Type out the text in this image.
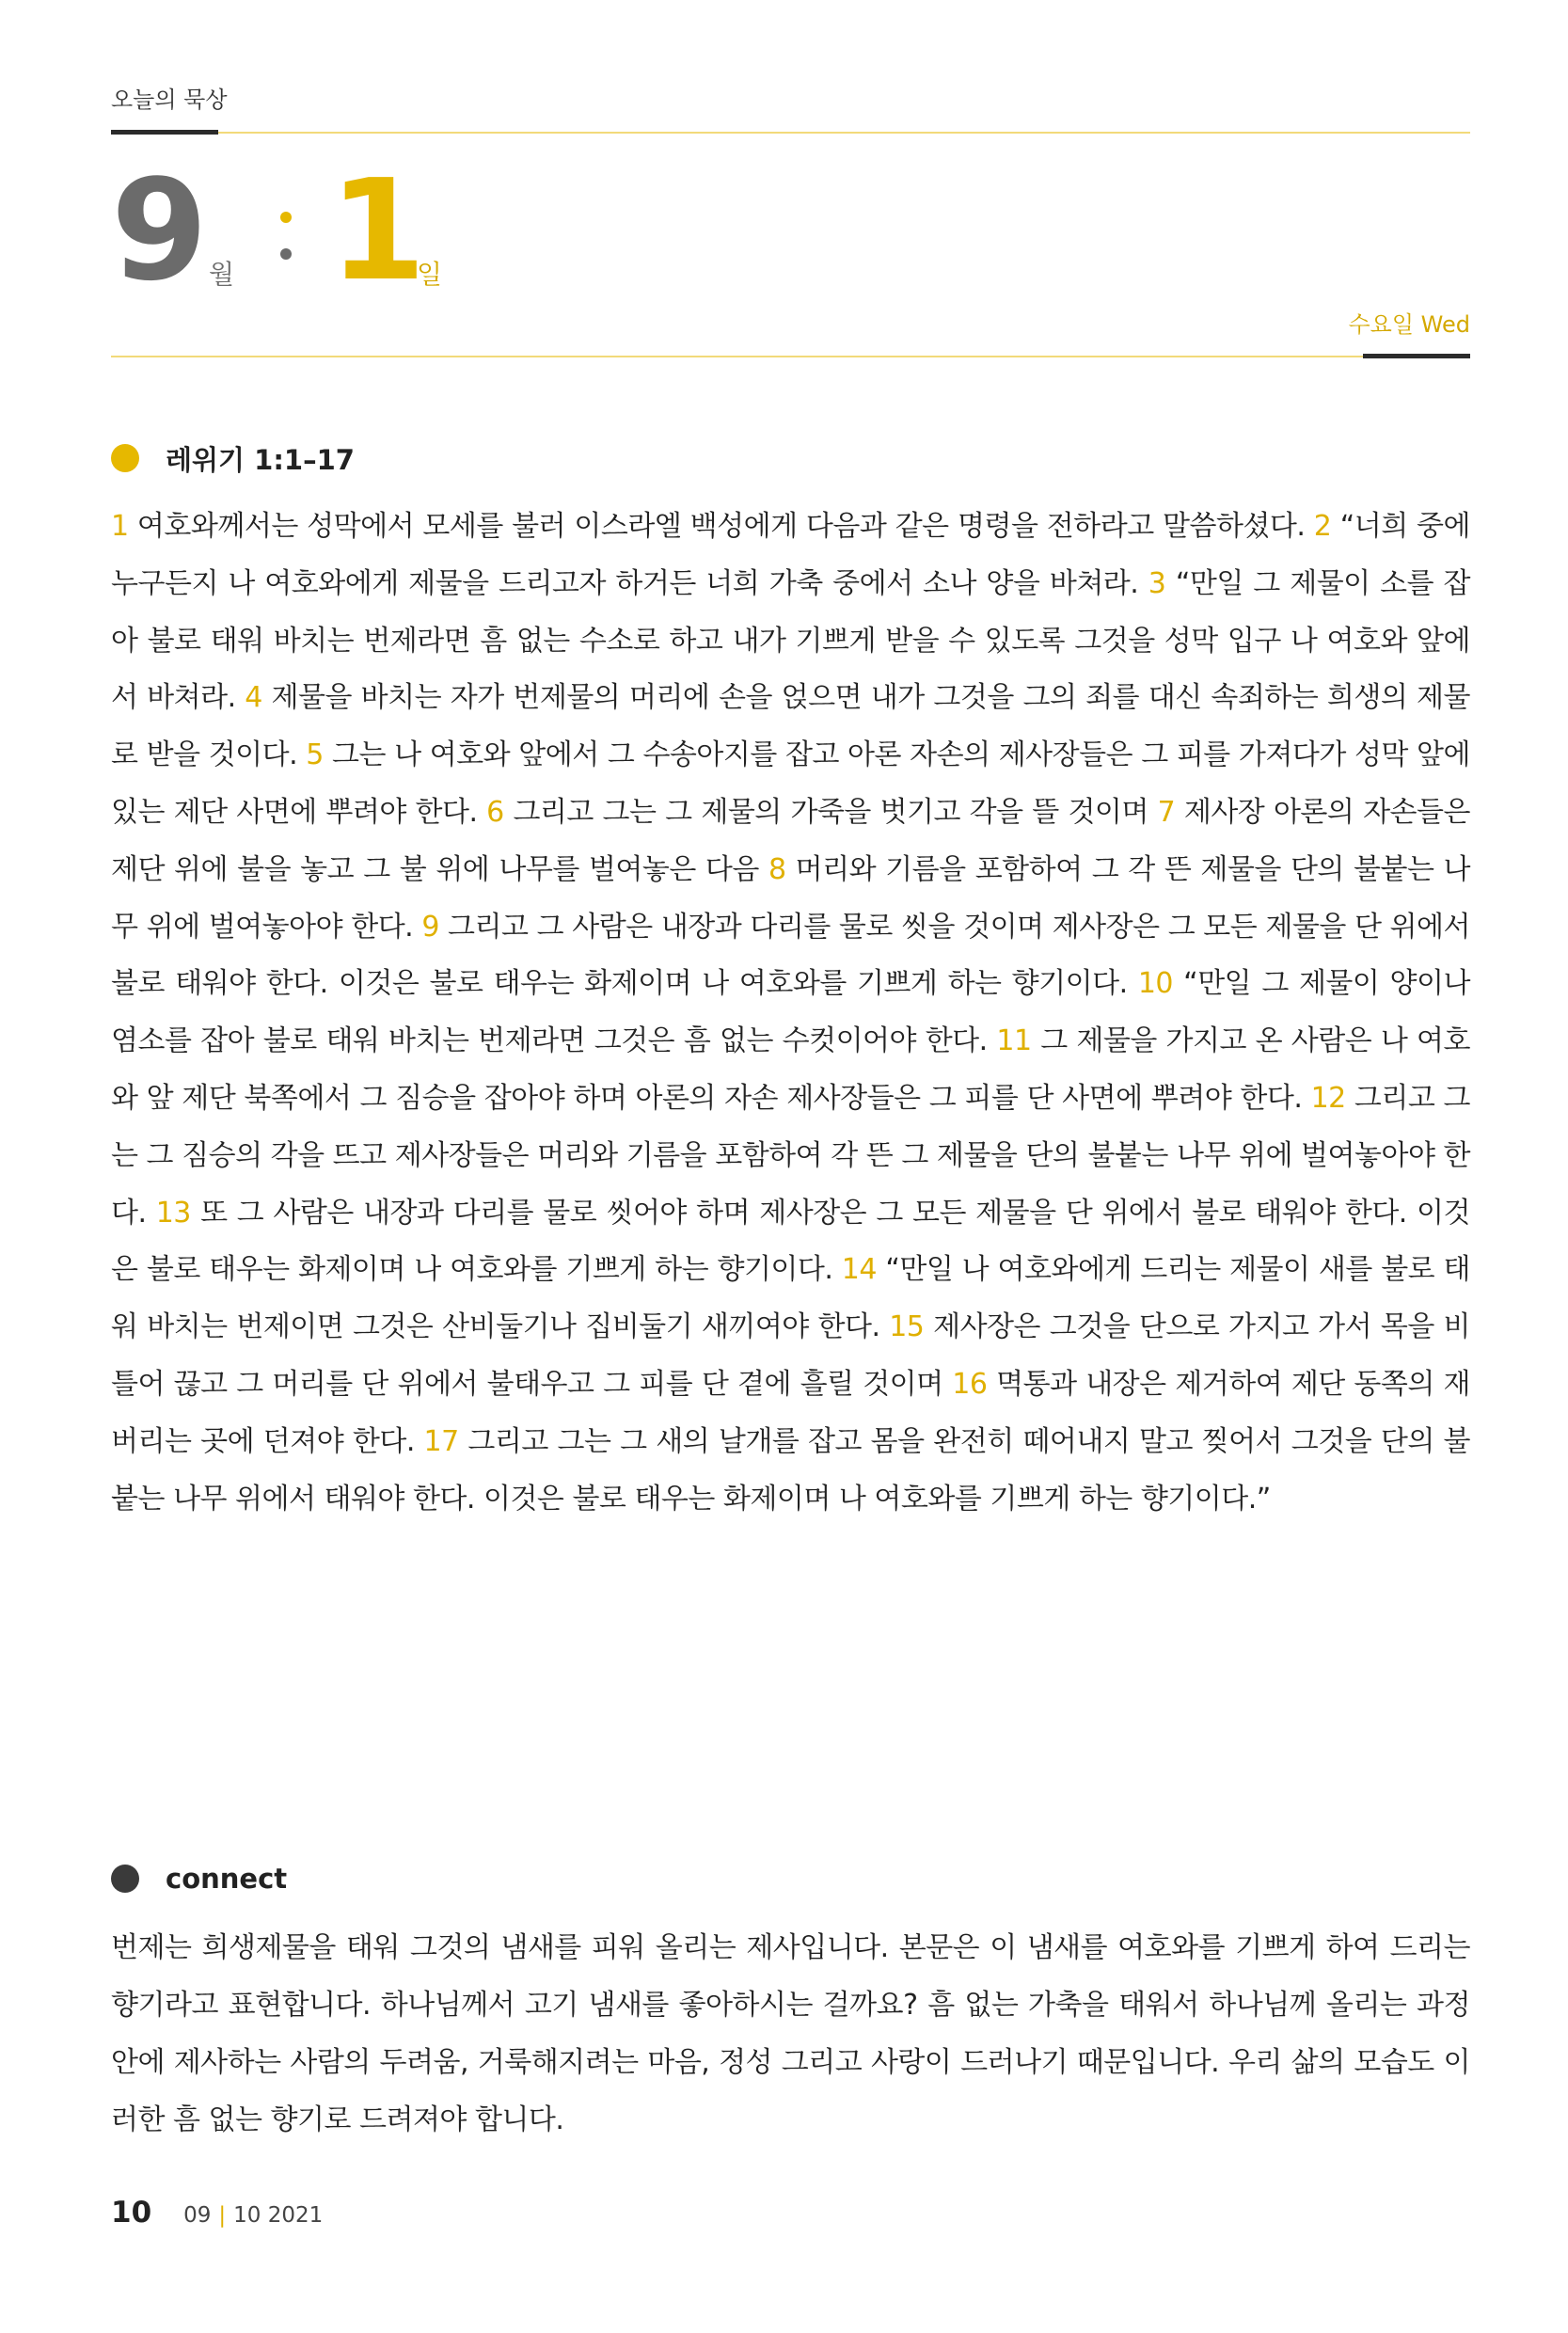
오늘의 묵상
9 월 1
일
수요일 Wed
레위기 1:1–17
1 여호와께서는 성막에서 모세를 불러 이스라엘 백성에게 다음과 같은 명령을 전하라고 말씀하셨다. 2 “너희 중에 누구든지 나 여호와에게 제물을 드리고자 하거든 너희 가축 중에서 소나 양을 바쳐라. 3 “만일 그 제물이 소를 잡아 불로 태워 바치는 번제라면 흠 없는 수소로 하고 내가 기쁘게 받을 수 있도록 그것을 성막 입구 나 여호와 앞에서 바쳐라. 4 제물을 바치는 자가 번제물의 머리에 손을 얹으면 내가 그것을 그의 죄를 대신 속죄하는 희생의 제물로 받을 것이다. 5 그는 나 여호와 앞에서 그 수송아지를 잡고 아론 자손의 제사장들은 그 피를 가져다가 성막 앞에 있는 제단 사면에 뿌려야 한다. 6 그리고 그는 그 제물의 가죽을 벗기고 각을 뜰 것이며 7 제사장 아론의 자손들은 제단 위에 불을 놓고 그 불 위에 나무를 벌여놓은 다음 8 머리와 기름을 포함하여 그 각 뜬 제물을 단의 불붙는 나무 위에 벌여놓아야 한다. 9 그리고 그 사람은 내장과 다리를 물로 씻을 것이며 제사장은 그 모든 제물을 단 위에서 불로 태워야 한다. 이것은 불로 태우는 화제이며 나 여호와를 기쁘게 하는 향기이다. 10 “만일 그 제물이 양이나 염소를 잡아 불로 태워 바치는 번제라면 그것은 흠 없는 수컷이어야 한다. 11 그 제물을 가지고 온 사람은 나 여호와 앞 제단 북쪽에서 그 짐승을 잡아야 하며 아론의 자손 제사장들은 그 피를 단 사면에 뿌려야 한다. 12 그리고 그는 그 짐승의 각을 뜨고 제사장들은 머리와 기름을 포함하여 각 뜬 그 제물을 단의 불붙는 나무 위에 벌여놓아야 한다. 13 또 그 사람은 내장과 다리를 물로 씻어야 하며 제사장은 그 모든 제물을 단 위에서 불로 태워야 한다. 이것은 불로 태우는 화제이며 나 여호와를 기쁘게 하는 향기이다. 14 “만일 나 여호와에게 드리는 제물이 새를 불로 태워 바치는 번제이면 그것은 산비둘기나 집비둘기 새끼여야 한다. 15 제사장은 그것을 단으로 가지고 가서 목을 비틀어 끊고 그 머리를 단 위에서 불태우고 그 피를 단 곁에 흘릴 것이며 16 멱통과 내장은 제거하여 제단 동쪽의 재 버리는 곳에 던져야 한다. 17 그리고 그는 그 새의 날개를 잡고 몸을 완전히 떼어내지 말고 찢어서 그것을 단의 불붙는 나무 위에서 태워야 한다. 이것은 불로 태우는 화제이며 나 여호와를 기쁘게 하는 향기이다.”
connect
번제는 희생제물을 태워 그것의 냄새를 피워 올리는 제사입니다. 본문은 이 냄새를 여호와를 기쁘게 하여 드리는 향기라고 표현합니다. 하나님께서 고기 냄새를 좋아하시는 걸까요? 흠 없는 가축을 태워서 하나님께 올리는 과정 안에 제사하는 사람의 두려움, 거룩해지려는 마음, 정성 그리고 사랑이 드러나기 때문입니다. 우리 삶의 모습도 이러한 흠 없는 향기로 드려져야 합니다.
10 09 | 10 2021
